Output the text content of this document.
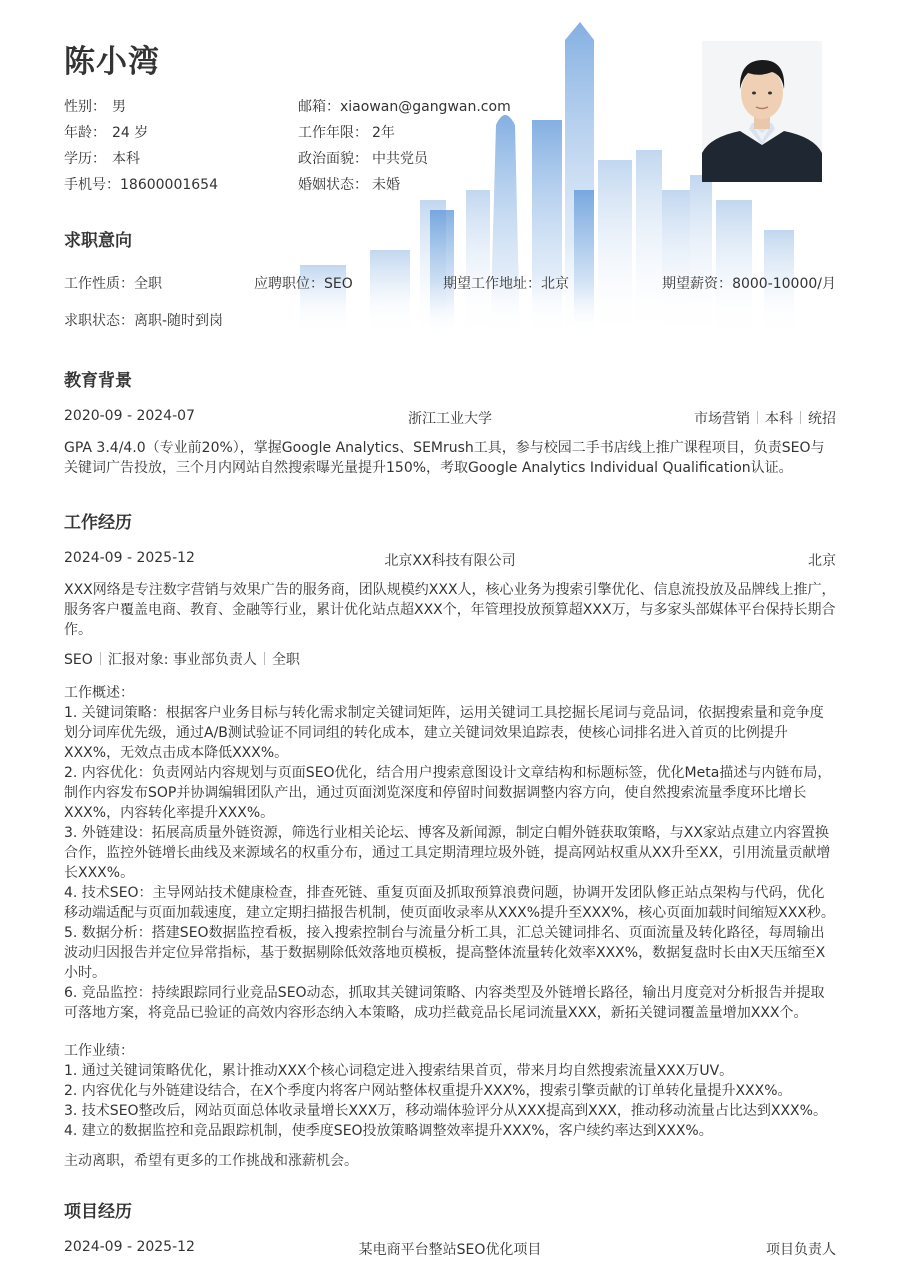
陈小湾
性别： 男	邮箱：xiaowan@gangwan.com
年龄： 24 岁	工作年限： 2年
学历： 本科	政治面貌： 中共党员
手机号：18600001654	婚姻状态： 未婚
求职意向
工作性质：全职	应聘职位：SEO	期望工作地址：北京	期望薪资：8000-10000/月
求职状态：离职-随时到岗
教育背景
2020-09 - 2024-07	浙江工业大学	市场营销 本科 统招

GPA 3.4/4.0（专业前20%），掌握Google Analytics、SEMrush工具，参与校园二手书店线上推广课程项目，负责SEO与关键词广告投放，三个月内网站自然搜索曝光量提升150%，考取Google Analytics Individual Qualification认证。

工作经历
2024-09 - 2025-12	北京XX科技有限公司	北京

XXX网络是专注数字营销与效果广告的服务商，团队规模约XXX人，核心业务为搜索引擎优化、信息流投放及品牌线上推广，服务客户覆盖电商、教育、金融等行业，累计优化站点超XXX个，年管理投放预算超XXX万，与多家头部媒体平台保持长期合作。

SEO 汇报对象: 事业部负责人 全职
工作概述：
1. 关键词策略：根据客户业务目标与转化需求制定关键词矩阵，运用关键词工具挖掘长尾词与竞品词，依据搜索量和竞争度划分词库优先级，通过A/B测试验证不同词组的转化成本，建立关键词效果追踪表，使核心词排名进入首页的比例提升XXX%，无效点击成本降低XXX%。
2. 内容优化：负责网站内容规划与页面SEO优化，结合用户搜索意图设计文章结构和标题标签，优化Meta描述与内链布局，制作内容发布SOP并协调编辑团队产出，通过页面浏览深度和停留时间数据调整内容方向，使自然搜索流量季度环比增长XXX%，内容转化率提升XXX%。
3. 外链建设：拓展高质量外链资源，筛选行业相关论坛、博客及新闻源，制定白帽外链获取策略，与XX家站点建立内容置换合作，监控外链增长曲线及来源域名的权重分布，通过工具定期清理垃圾外链，提高网站权重从XX升至XX，引用流量贡献增长XXX%。
4. 技术SEO：主导网站技术健康检查，排查死链、重复页面及抓取预算浪费问题，协调开发团队修正站点架构与代码，优化移动端适配与页面加载速度，建立定期扫描报告机制，使页面收录率从XXX%提升至XXX%，核心页面加载时间缩短XXX秒。
5. 数据分析：搭建SEO数据监控看板，接入搜索控制台与流量分析工具，汇总关键词排名、页面流量及转化路径，每周输出波动归因报告并定位异常指标，基于数据剔除低效落地页模板，提高整体流量转化效率XXX%，数据复盘时长由X天压缩至X小时。
6. 竞品监控：持续跟踪同行业竞品SEO动态，抓取其关键词策略、内容类型及外链增长路径，输出月度竞对分析报告并提取可落地方案，将竞品已验证的高效内容形态纳入本策略，成功拦截竞品长尾词流量XXX，新拓关键词覆盖量增加XXX个。
工作业绩：
1. 通过关键词策略优化，累计推动XXX个核心词稳定进入搜索结果首页，带来月均自然搜索流量XXX万UV。
2. 内容优化与外链建设结合，在X个季度内将客户网站整体权重提升XXX%，搜索引擎贡献的订单转化量提升XXX%。
3. 技术SEO整改后，网站页面总体收录量增长XXX万，移动端体验评分从XXX提高到XXX，推动移动流量占比达到XXX%。
4. 建立的数据监控和竞品跟踪机制，使季度SEO投放策略调整效率提升XXX%，客户续约率达到XXX%。
主动离职，希望有更多的工作挑战和涨薪机会。
项目经历
2024-09 - 2025-12	某电商平台整站SEO优化项目	项目负责人
